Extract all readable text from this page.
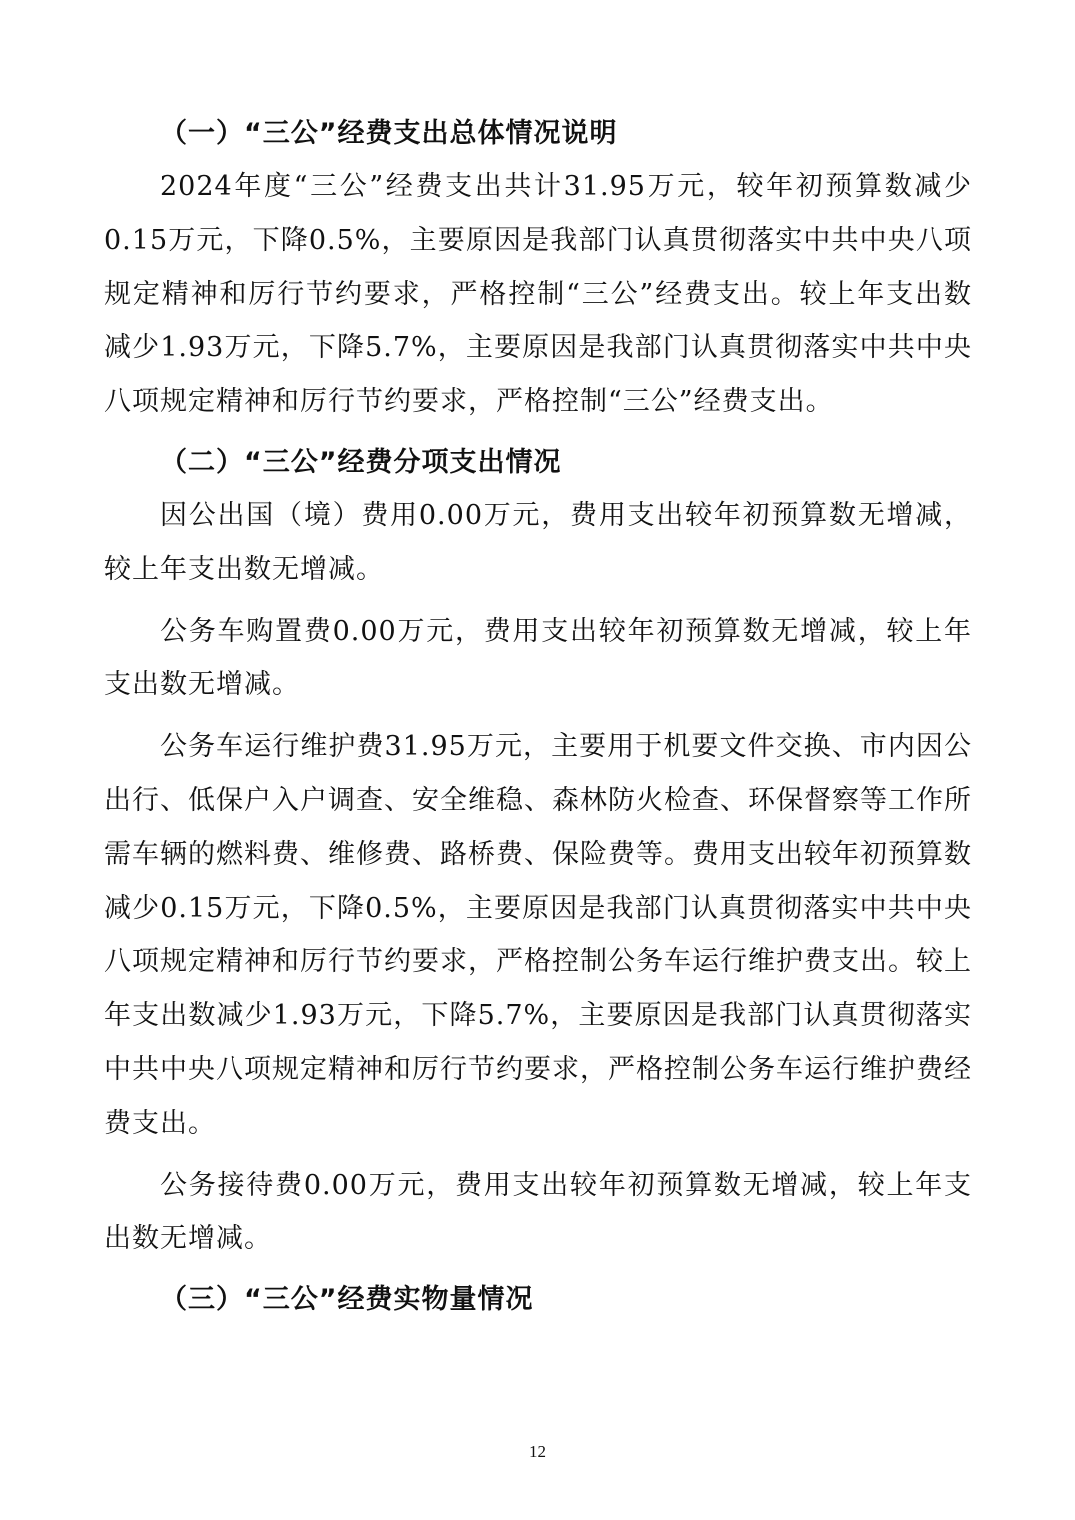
（一）“三公”经费支出总体情况说明

2024年度“三公”经费支出共计31.95万元，较年初预算数减少0.15万元，下降0.5%，主要原因是我部门认真贯彻落实中共中央八项规定精神和厉行节约要求，严格控制“三公”经费支出。较上年支出数减少1.93万元，下降5.7%，主要原因是我部门认真贯彻落实中共中央八项规定精神和厉行节约要求，严格控制“三公”经费支出。

（二）“三公”经费分项支出情况

因公出国（境）费用0.00万元，费用支出较年初预算数无增减，较上年支出数无增减。

公务车购置费0.00万元，费用支出较年初预算数无增减，较上年支出数无增减。

公务车运行维护费31.95万元，主要用于机要文件交换、市内因公出行、低保户入户调查、安全维稳、森林防火检查、环保督察等工作所需车辆的燃料费、维修费、路桥费、保险费等。费用支出较年初预算数减少0.15万元，下降0.5%，主要原因是我部门认真贯彻落实中共中央八项规定精神和厉行节约要求，严格控制公务车运行维护费支出。较上年支出数减少1.93万元，下降5.7%，主要原因是我部门认真贯彻落实中共中央八项规定精神和厉行节约要求，严格控制公务车运行维护费经费支出。

公务接待费0.00万元，费用支出较年初预算数无增减，较上年支出数无增减。

（三）“三公”经费实物量情况
12
